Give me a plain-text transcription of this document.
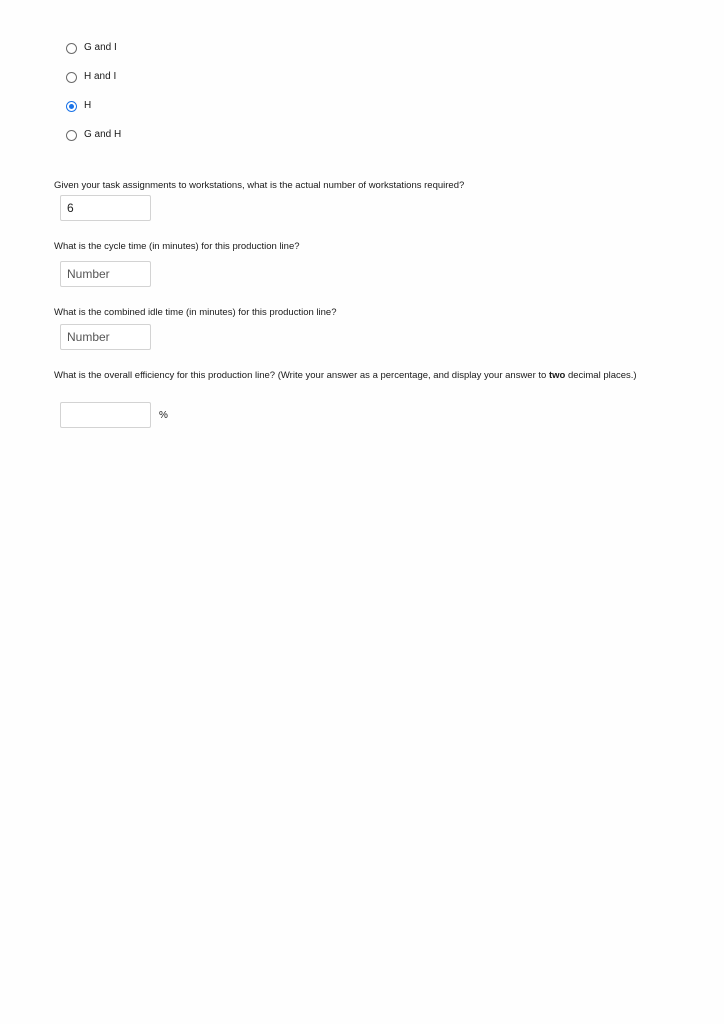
G and I
H and I
H
G and H
Given your task assignments to workstations, what is the actual number of workstations required?
6
What is the cycle time (in minutes) for this production line?
Number
What is the combined idle time (in minutes) for this production line?
Number
What is the overall efficiency for this production line? (Write your answer as a percentage, and display your answer to two decimal places.)
%
